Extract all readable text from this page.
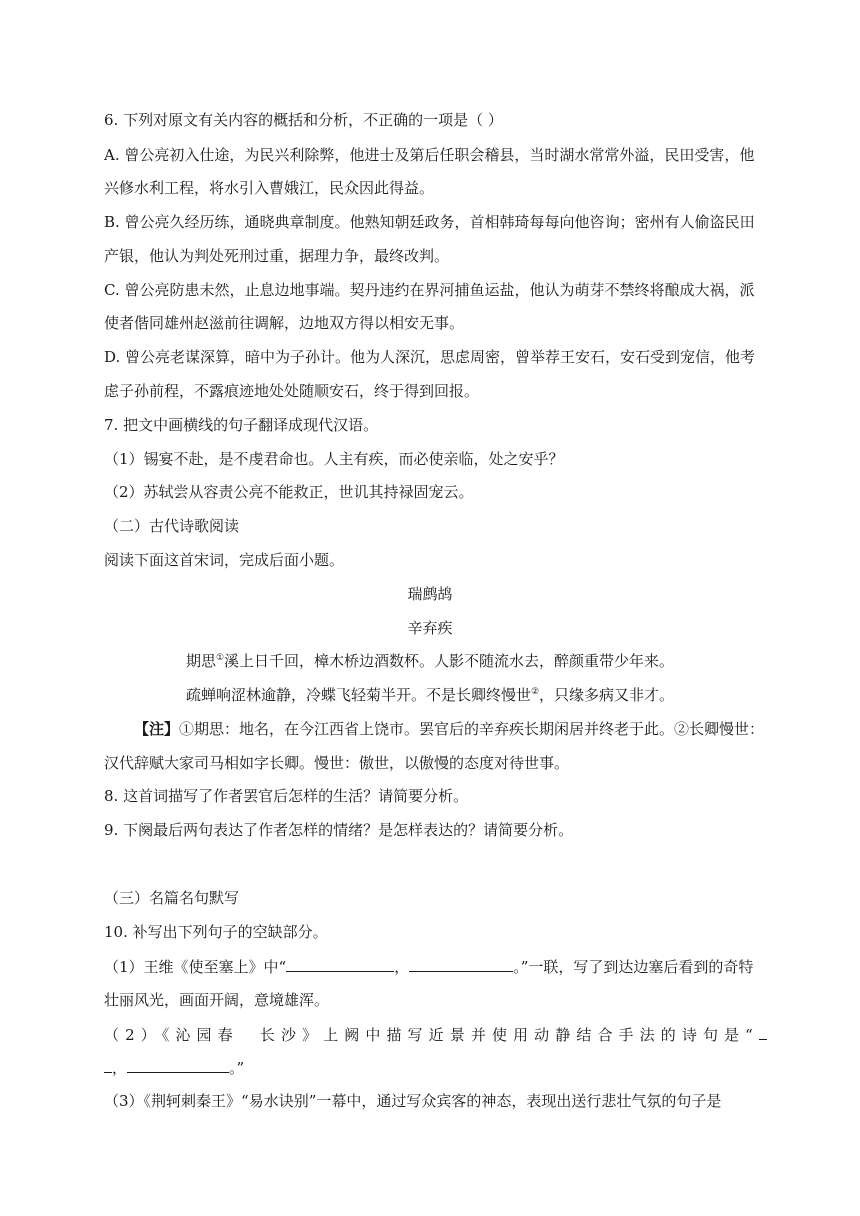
6. 下列对原文有关内容的概括和分析，不正确的一项是（ ）
A. 曾公亮初入仕途，为民兴利除弊，他进士及第后任职会稽县，当时湖水常常外溢，民田受害，他
兴修水利工程，将水引入曹娥江，民众因此得益。
B. 曾公亮久经历练，通晓典章制度。他熟知朝廷政务，首相韩琦每每向他咨询；密州有人偷盗民田
产银，他认为判处死刑过重，据理力争，最终改判。
C. 曾公亮防患未然，止息边地事端。契丹违约在界河捕鱼运盐，他认为萌芽不禁终将酿成大祸，派
使者偕同雄州赵滋前往调解，边地双方得以相安无事。
D. 曾公亮老谋深算，暗中为子孙计。他为人深沉，思虑周密，曾举荐王安石，安石受到宠信，他考
虑子孙前程，不露痕迹地处处随顺安石，终于得到回报。
7. 把文中画横线的句子翻译成现代汉语。
（1）锡宴不赴，是不虔君命也。人主有疾，而必使亲临，处之安乎？
（2）苏轼尝从容责公亮不能救正，世讥其持禄固宠云。
（二）古代诗歌阅读
阅读下面这首宋词，完成后面小题。
瑞鹧鸪
辛弃疾
期思①溪上日千回，樟木桥边酒数杯。人影不随流水去，醉颜重带少年来。
疏蝉响涩林逾静，冷蝶飞轻菊半开。不是长卿终慢世②，只缘多病又非才。
【注】①期思：地名，在今江西省上饶市。罢官后的辛弃疾长期闲居并终老于此。②长卿慢世：
汉代辞赋大家司马相如字长卿。慢世：傲世，以傲慢的态度对待世事。
8. 这首词描写了作者罢官后怎样的生活？请简要分析。
9. 下阕最后两句表达了作者怎样的情绪？是怎样表达的？请简要分析。
（三）名篇名句默写
10. 补写出下列句子的空缺部分。
（1）王维《使至塞上》中“	，	。”一联，写了到达边塞后看到的奇特
壮丽风光，画面开阔，意境雄浑。
（2）《沁园春　长沙》上阙中描写近景并使用动静结合手法的诗句是“
，	。”
（3）《荆轲刺秦王》“易水诀别”一幕中，通过写众宾客的神态，表现出送行悲壮气氛的句子是
